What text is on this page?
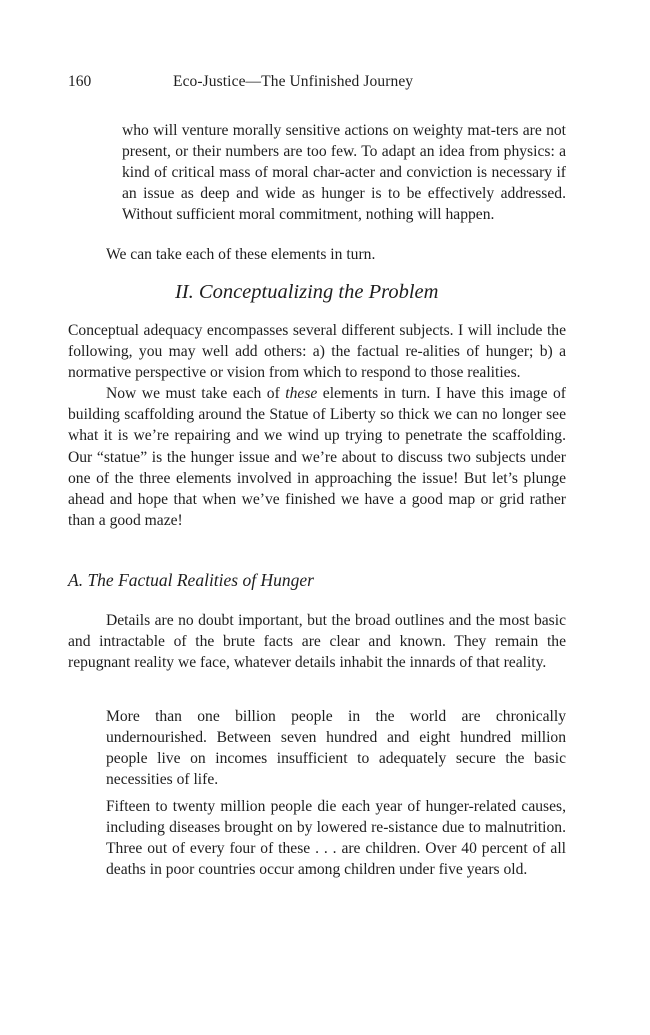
160	Eco-Justice—The Unfinished Journey

who will venture morally sensitive actions on weighty mat-ters are not present, or their numbers are too few. To adapt an idea from physics: a kind of critical mass of moral char-acter and conviction is necessary if an issue as deep and wide as hunger is to be effectively addressed. Without sufficient moral commitment, nothing will happen.

We can take each of these elements in turn.

II. Conceptualizing the Problem

Conceptual adequacy encompasses several different subjects. I will include the following, you may well add others: a) the factual re-alities of hunger; b) a normative perspective or vision from which to respond to those realities.

Now we must take each of these elements in turn. I have this image of building scaffolding around the Statue of Liberty so thick we can no longer see what it is we’re repairing and we wind up trying to penetrate the scaffolding. Our “statue” is the hunger issue and we’re about to discuss two subjects under one of the three elements involved in approaching the issue! But let’s plunge ahead and hope that when we’ve finished we have a good map or grid rather than a good maze!

A. The Factual Realities of Hunger

Details are no doubt important, but the broad outlines and the most basic and intractable of the brute facts are clear and known. They remain the repugnant reality we face, whatever details inhabit the innards of that reality.

More than one billion people in the world are chronically undernourished. Between seven hundred and eight hundred million people live on incomes insufficient to adequately secure the basic necessities of life.

Fifteen to twenty million people die each year of hunger-related causes, including diseases brought on by lowered re-sistance due to malnutrition. Three out of every four of these . . . are children. Over 40 percent of all deaths in poor countries occur among children under five years old.
